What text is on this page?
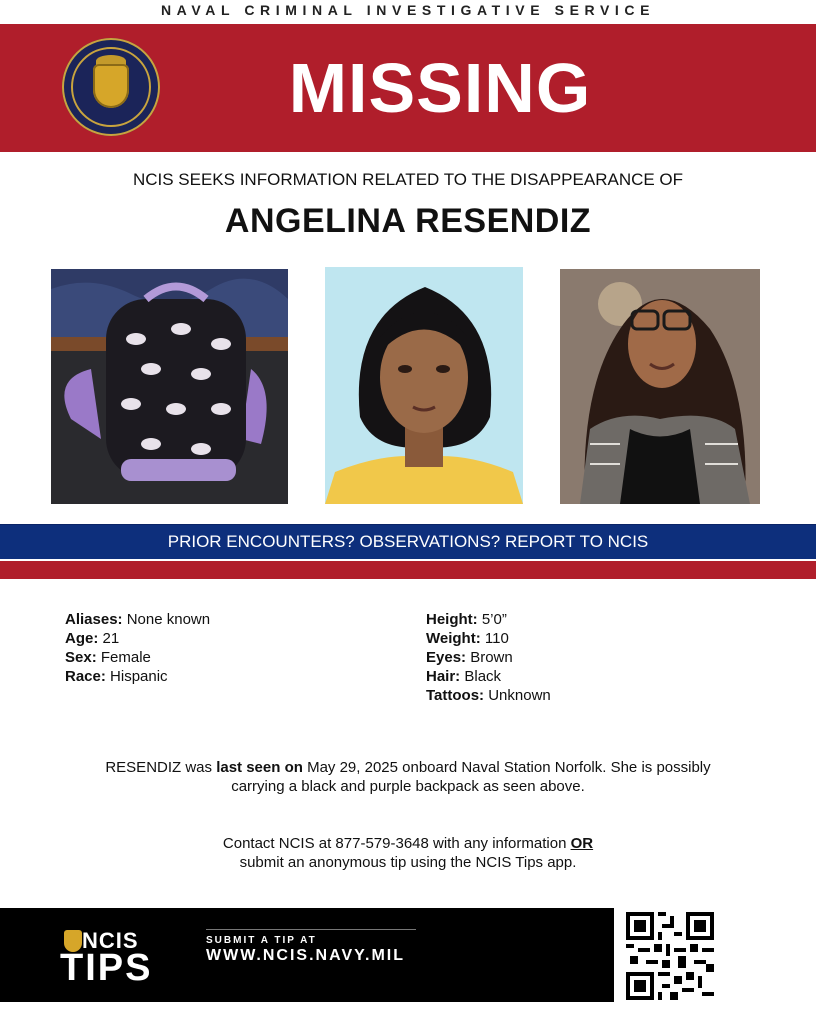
NAVAL CRIMINAL INVESTIGATIVE SERVICE
MISSING
NCIS SEEKS INFORMATION RELATED TO THE DISAPPEARANCE OF
ANGELINA RESENDIZ
PRIOR ENCOUNTERS? OBSERVATIONS? REPORT TO NCIS
Aliases: None known
Age: 21
Sex: Female
Race: Hispanic
Height: 5’0”
Weight: 110
Eyes: Brown
Hair: Black
Tattoos: Unknown
RESENDIZ was last seen on May 29, 2025 onboard Naval Station Norfolk. She is possibly
carrying a black and purple backpack as seen above.
Contact NCIS at 877-579-3648 with any information OR
submit an anonymous tip using the NCIS Tips app.
NCIS
TIPS
SUBMIT A TIP AT
WWW.NCIS.NAVY.MIL
